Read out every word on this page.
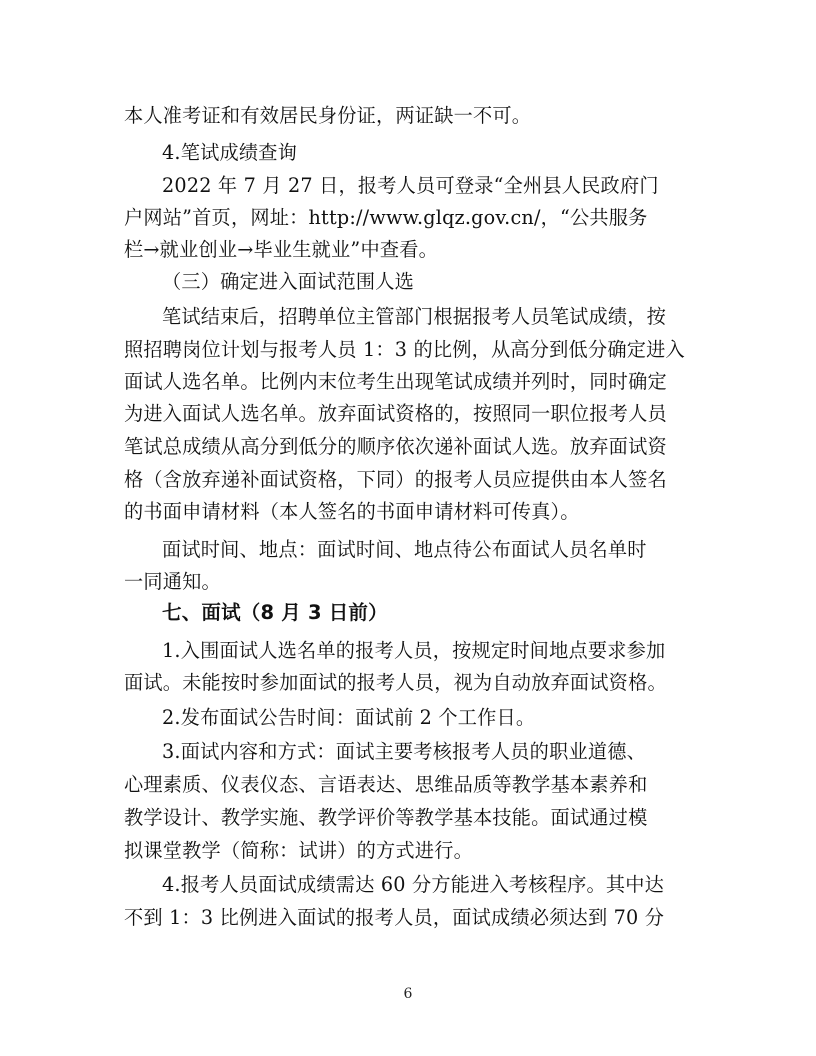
本人准考证和有效居民身份证，两证缺一不可。
4.笔试成绩查询
2022 年 7 月 27 日，报考人员可登录“全州县人民政府门
户网站”首页，网址：http://www.glqz.gov.cn/，“公共服务
栏→就业创业→毕业生就业”中查看。
（三）确定进入面试范围人选
笔试结束后，招聘单位主管部门根据报考人员笔试成绩，按
照招聘岗位计划与报考人员 1：3 的比例，从高分到低分确定进入
面试人选名单。比例内末位考生出现笔试成绩并列时，同时确定
为进入面试人选名单。放弃面试资格的，按照同一职位报考人员
笔试总成绩从高分到低分的顺序依次递补面试人选。放弃面试资
格（含放弃递补面试资格，下同）的报考人员应提供由本人签名
的书面申请材料（本人签名的书面申请材料可传真）。
面试时间、地点：面试时间、地点待公布面试人员名单时
一同通知。
七、面试（8 月 3 日前）
1.入围面试人选名单的报考人员，按规定时间地点要求参加
面试。未能按时参加面试的报考人员，视为自动放弃面试资格。
2.发布面试公告时间：面试前 2 个工作日。
3.面试内容和方式：面试主要考核报考人员的职业道德、
心理素质、仪表仪态、言语表达、思维品质等教学基本素养和
教学设计、教学实施、教学评价等教学基本技能。面试通过模
拟课堂教学（简称：试讲）的方式进行。
4.报考人员面试成绩需达 60 分方能进入考核程序。其中达
不到 1：3 比例进入面试的报考人员，面试成绩必须达到 70 分
6
